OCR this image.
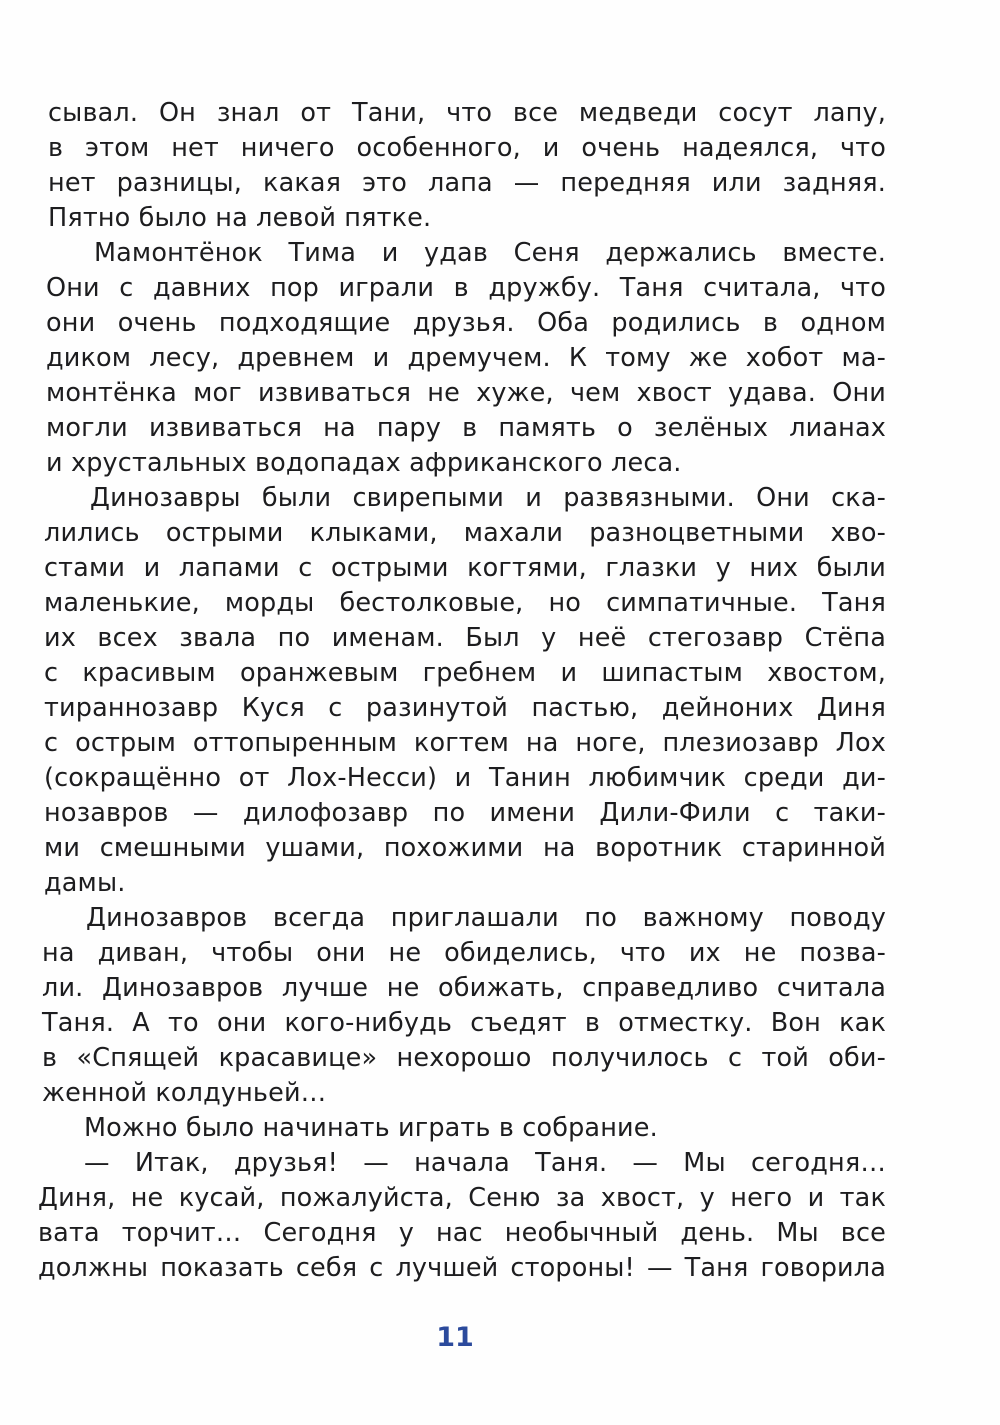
сывал. Он знал от Тани, что все медведи сосут лапу,
в этом нет ничего особенного, и очень надеялся, что
нет разницы, какая это лапа — передняя или задняя.
Пятно было на левой пятке.
Мамонтёнок Тима и удав Сеня держались вместе.
Они с давних пор играли в дружбу. Таня считала, что
они очень подходящие друзья. Оба родились в одном
диком лесу, древнем и дремучем. К тому же хобот ма-
монтёнка мог извиваться не хуже, чем хвост удава. Они
могли извиваться на пару в память о зелёных лианах
и хрустальных водопадах африканского леса.
Динозавры были свирепыми и развязными. Они ска-
лились острыми клыками, махали разноцветными хво-
стами и лапами с острыми когтями, глазки у них были
маленькие, морды бестолковые, но симпатичные. Таня
их всех звала по именам. Был у неё стегозавр Стёпа
с красивым оранжевым гребнем и шипастым хвостом,
тираннозавр Куся с разинутой пастью, дейноних Диня
с острым оттопыренным когтем на ноге, плезиозавр Лох
(сокращённо от Лох-Несси) и Танин любимчик среди ди-
нозавров — дилофозавр по имени Дили-Фили с таки-
ми смешными ушами, похожими на воротник старинной
дамы.
Динозавров всегда приглашали по важному поводу
на диван, чтобы они не обиделись, что их не позва-
ли. Динозавров лучше не обижать, справедливо считала
Таня. А то они кого-нибудь съедят в отместку. Вон как
в «Спящей красавице» нехорошо получилось с той оби-
женной колдуньей…
Можно было начинать играть в собрание.
— Итак, друзья! — начала Таня. — Мы сегодня…
Диня, не кусай, пожалуйста, Сеню за хвост, у него и так
вата торчит… Сегодня у нас необычный день. Мы все
должны показать себя с лучшей стороны! — Таня говорила
11
